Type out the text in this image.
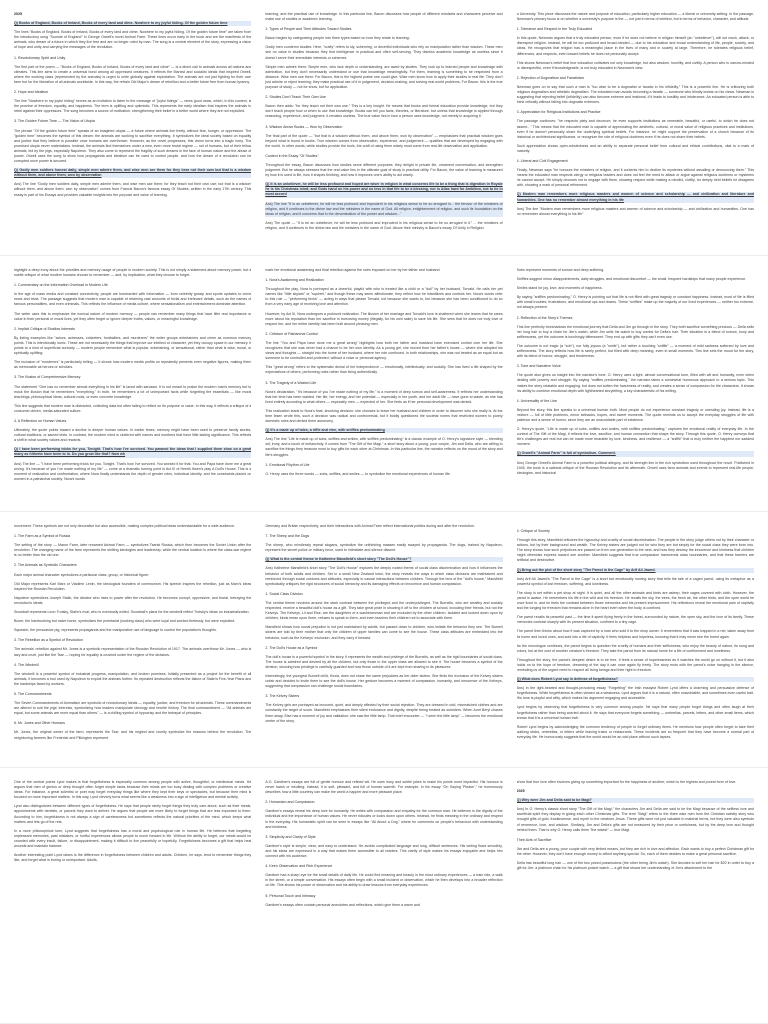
2025

Q) Books of England, Books of Ireland, Books of every land and dime. Nowhere to my joyful hiding. Of the golden future time

The lines "Books of England, Books of Ireland, Books of every land and clime, Nowhere to my joyful hiding, Of the golden future time" are taken from the introductory song "Sounds of England" in George Orwell's novel Animal Farm. These lines occur early in the book and are the manifesto of the animals, who dream of a future in which they live free and are no longer ruled by man. The song is a central element of the story, expressing a vision of hope and unity and carrying the messages of the revolution.

1. Revolutionary Spirit and Unity

The first part of the poem — "Books of England, Books of Ireland, Books of every land and clime" — is a direct call to animals across all nations and climates. This line aims to create a universal bond among all oppressed creatures. It reflects the Marxist and socialist ideals that inspired Orwell, where the working class (represented by the animals) is urged to unite globally against exploitation. The animals are not just fighting for their own farm but for the liberation of all animals worldwide. In this way, the refrain Old Major's dream of rebellion and a better future free from human tyranny.

2. Hope and Idealism

The line "Nowhere to my joyful hiding" serves as an invitation to listen to the message of "joyful tidings" — news good news, which, in this context, is the promise of freedom, equality, and happiness. The term is uplifting and optimistic. This represents the early idealism that inspires the animals to rebel against their oppressors. The song becomes a source of motivation, strengthening their belief in a better world where they are not exploited.

3. The Golden Future Time — The Vision of Utopia

The phrase "Of the golden future time" speaks of an imagined utopia — a future where animals live freely, without fear, hunger, or oppression. The "golden time" becomes the symbol of this dream: the animals are working to sacrifice everything. It symbolizes the ideal society based on equality and justice that they believe is possible once humans are overthrown. However, as the novel progresses, this vision turns into a tragic irony. The promised utopia never materializes. Instead, the animals find themselves under a new, even more brutal regime — not of humans, but of their fellow animals, led by the pigs, especially Napoleon. They also come to represent the fragility of such dreams in the face of human nature and the abuse of power. Orwell uses the song to show how propaganda and idealism can be used to control people, and how the dream of a revolution can be corrupted once power is secured.

Q) Godly men soldiers honest daily, simple men admire them, and wise men are them for they bear not their own but that is a wisdom without them, and above them, won by observation

Ans) The line "Godly men soldiers daily, simple men admire them, and wise men use them; for they teach not their own use; but that is a wisdom without them, and above them, won by observation" comes from Francis Bacon's famous essay Of Studies, written in the early 17th century. This essay is part of his Essays and provides valuable insights into the purpose and value of learning.

learning, and the practical use of knowledge. In this particular line, Bacon discusses how people of different mindsets and characters perceive and make use of studies or academic learning.

1. Types of People and Their Attitudes Toward Studies

Bacon begins by categorizing people into three types based on how they relate to learning:

Godly men condemn studies: Here, "crafty" refers to sly, scheming, or deceitful individuals who rely on manipulation rather than wisdom. These men see no value in studies because they find intelligence in practical and often self-serving. They dismiss academic knowledge as useless since it doesn't serve their immediate interests or schemes.

Simple men admire them: Simple men, who lack depth or understanding, are awed by studies. They look up to learned people and knowledge with admiration, but they don't necessarily understand or use that knowledge meaningfully. For them, learning is something to be respected from a distance. Wise men use them: For Bacon, this is the highest praise one could give. Wise men know how to apply their studies in real life. They don't just admire or reject learning; they make practical use of it in judgement, decision-making, and solving real-world problems. For Bacon, this is the true purpose of study — not for show, but for application.

2. Studies Don't Teach Their Own Use

Bacon then adds: "for they teach not their own use." This is a key insight. He means that books and formal education provide knowledge, but they don't teach people how or when to use that knowledge. Books can tell you facts, theories, or literature, but unless that knowledge is applied through reasoning, experience, and judgment, it remains useless. The true value lies in how a person uses knowledge, not merely in acquiring it.

3. Wisdom Above Books — Won by Observation

The final part of the quote — "but that is a wisdom without them, and above them, won by observation" — emphasizes that practical wisdom goes beyond what is found in books. True wisdom comes from observation, experience, and judgement — qualities that are developed by engaging with the world. In other words, while studies provide the tools, the craft of using them wisely must come from real-life observation and application.

Context in the Essay "Of Studies"

Throughout the essay, Bacon discusses how studies serve different purposes: they delight in private life, ornament conversation, and strengthen judgment. But he always stresses that the real value lies in the ultimate goal of study is practical utility. For Bacon, the value of learning is measured by how it is used in life, how it shapes thinking, and how it improves one's ability to act wisely.

Q) It is an unbeliever, he will be less profound and hoped are wiser in religion in what concerns life to be a thing that is digestion in Royale he is his Christmas mind; and Gods hand on his power and no less in that life to be a blessing, nor is Atlas hard for Ambition, not to he in most accord

Ans) The line "It is an unbeliever, he will be less profound and imprudent in his religious sense to be so arrogant in... the fervour of the ministers of religion, and it continues to the divine law and the ministers in the name of God. All religion, enlightenment of religion, and such its foundation on the ideas of religion, and it concerns that in the denomination of the power and wisdom..."

Ans) The quote — "It is be an unbeliever, he will be less profound and imprudent in his religious sense to be so arrogant in it." ... the ministers of religion, and it continues to the divine law and the ministers in the name of God. Above their ministry is Bacon's essay Of Unity in Religion.

a University. This piece discusses the nature and purpose of education, particularly higher education — a liberal or university setting. In the passage, Newman's primary focus is on whether a university's purpose is the — not just in terms of intellect, but in terms of behavior, character, and attitude.

1. Tolerance and Respect in the Truly Educated

In this quote, Newman argues that a truly educated person, even if he does not believe in religion himself (an "unbeliever"), will not mock, attack, or disrespect religion. Instead, he will be too profound and broad-minded — due to his education and broad understanding of life, people, society, and ideas. He recognizes that religion has a meaningful place in the lives of many and in society at large. Therefore, he tolerates religious belief, differences, and respects, even toward beliefs he does not personally accept.

This shows Newman's belief that true education cultivates not only knowledge, but also wisdom, humility, and civility. A person who is narrow-minded or disrespectful, even if knowledgeable, is not truly educated in Newman's view.

2. Rejection of Dogmatism and Fanaticism

Newman goes on to say that such a man is "too wise to be a dogmatist or fanatic in his infidelity." This is a powerful line. He is criticizing both religious dogmatism and atheistic dogmatism. The educated man avoids becoming a fanatic — someone who blindly insists on his views. Newman is suggesting that rejecting belief (infidelity) can also become extreme and irrational, if it leads to hostility and intolerance. An educated person is able to think critically without falling into dogmatic extremes.

3. Appreciation for Religious Institutions and Practice

The passage continues: "he respects piety and decorum; he even supports institutions as venerable, beautiful, or useful, to which he does not assent..." This means that the educated man is capable of appreciating the aesthetic, cultural, or moral value of religious practices and institutions, even if he doesn't personally share the underlying spiritual beliefs. For instance, he might support the preservation of a church because of its historical or architectural significance, or recognize the role of religious doctrines even if he does not share their beliefs.

Such appreciation shows open-mindedness and an ability to separate personal belief from cultural and ethical contributions, vital to a mark of maturity.

4. Liberal and Civil Engagement

Finally, Newman says "he honours the ministers of religion, and it contents him to decline its mysteries without assailing or denouncing them." This means the educated man respects clergy or religious leaders and does not feel the need to attack or argue against religious doctrines or mysteries he cannot accept. He simply chooses not to engage with them, showing respect while making a mindful, civility, for deeply held beliefs he disagrees with, showing a mark of personal refinement.

Q) Modern man remembers more religious masters and women of science and scholarship — and civilization and literature and humanities. One has no remember almost everything in his life

Ans) The line "Modern man remembers more religious masters and women of science and scholarship — and civilization and humanities. One has no remember almost everything in his life"

highlight a deep irony about the priorities and memory usage of people in modern society. This is not simply a statement about memory power, but a subtle critique of what modern humans choose to remember — and, by implication, what they choose to forget.

1. Commentary on the Information Overload in Modern Life

In the age of mass media and constant connectivity, people are bombarded with information — from celebrity gossip and sports updates to crime news and trivia. The passage suggests that modern man is capable of retaining vast amounts of trivial and irrelevant details, such as the names of famous personalities, and even criminals. This reflects the influence of media culture, where sensationalism and entertainment dominate attention.

The writer uses this to emphasize the ironical nature of modern memory — people can remember many things that have little real importance or value in their personal or moral lives, yet they often forget or ignore deeper truths, values, or meaningful knowledge.

2. Implicit Critique of Shallow Interests

By listing examples like "actors, actresses, cricketers, footballers, and murderers" the writer groups entertainers and crime as common memory points. This is intentionally ironic. These are not necessarily the things that improve our intellect or character, yet they occupy space in our memory. It points to a kind of superficial curiosity — modern people remember what is popular, entertaining, or sensational, rather than what is wise, moral, or spiritually uplifting.

The inclusion of "murderers" is particularly telling — it shows how modern media profits on repeatedly presents even negative figures, making them as memorable as heroes or scholars.

3. The Illusion of Comprehensive Memory

The statement "One has no remember almost everything in his life" is laced with sarcasm. It is not meant to praise the modern man's memory but to mock the illusion that he remembers "everything." In truth, he remembers a lot of unimportant facts while forgetting the essentials — like moral teachings, philosophical ideas, cultural roots, or even concrete knowledge.

This line suggests that modern man is distracted, collecting data but often failing to reflect on its purpose or value. In this way, it reflects a critique of a consumer-driven, media-saturated culture.

4. A Reflection on Human Values

Ultimately, the quote points toward a decline in deeper human values. In earlier times, memory might have been used to preserve family stories, cultural traditions, or sacred texts. In contrast, the modern mind is cluttered with names and numbers that have little lasting significance. This reflects a shift in what society values and rewards.

Q) I have been performing tricks for you, Tonight. That's how I've survived. You pawned the ideas that I supplied them shoe on a great many as hitherto have been to in. Do you grow like that? Now wh

Ans) The line — "I have been performing tricks for you, Tonight. That's how I've survived. You worked it for that. You and Papa have done me a great wrong. It's because of you I've made nothing of my life" — come at a dramatic turning point in Act III of Henrik Ibsen's play A Doll's House. This is a moment of realization and confrontation, where Nora finally understands the depth of gender roles, individual identity, and the constraints placed on women in a patriarchal society. Nora's words

mark her emotional awakening and final rebellion against the roles imposed on her by her father and husband.

1. Nora's Awakening and Realization

Throughout the play, Nora is portrayed as a cheerful, playful wife who is treated like a child or a "doll" by her husband, Torvald. He calls her pet names like "little skylark" or "squirrel," and though these may seem affectionate, they reflect how he infantilizes and controls her. Nora's words refer to this role — "performing tricks" — acting in ways that please Torvald, not because she wants to, but because she has been conditioned to do so from a very early age of receiving love and attention.

However, by Act III, Nora undergoes a profound realization. The illusion of her marriage and Torvald's love is shattered when she learns that he cares more about his reputation than her sacrifice in borrowing money (illegally, for his own sake) to save his life. She sees that he does not truly love or respect her, and her entire identity has been built around pleasing men.

2. Criticism of Patriarchal Control

The line "You and Papa have done me a great wrong" highlights how both her father and husband have exercised control over her life. She recognizes that she was never had a chance to be her own identity. As a young girl, she moved from her father's house — where she adopted his views and thoughts — straight into the home of her husband, where her role continued. In both relationships, she was not treated as an equal but as someone to be controlled and protected, without a voice or personal agency.

This "great wrong" refers to the systematic denial of her independence — emotionally, intellectually, and socially. She has lived a life shaped by the expectations of others, performing roles rather than living authentically.

3. The Tragedy of a Wasted Life

Nora's declaration, "It's because of you I've made nothing of my life," is a moment of deep sorrow and self-awareness. It reflects her understanding that her time has been wasted. Her life, her energy, and her potential — especially in her youth, and her adult life — have gone to waste, as she has lived entirely according to what others — especially men — expected of her. She feels as if her personal development was denied.

This realization leads to Nora's final, shocking decision: she chooses to leave her husband and children in order to discover who she really is. At the time Ibsen wrote this, such a decision was radical and controversial, but it boldly questioned the societal norms that restricted women to purely domestic roles and denied them autonomy.

Q) It's a made up of tales, a riffle and vine, with sniffles predominating

Ans) The line "Life is made up of sobs, sniffles and smiles, with sniffles predominating" is a classic example of O. Henry's signature style — blending wit, irony, and a touch of melancholy. It comes from "The Gift of the Magi," a short story about a young, poor couple, Jim and Della, who are willing to sacrifice the things they treasure most to buy gifts for each other at Christmas. In this particular line, the narrator reflects on the mood of the story and life's struggles.

1. Emotional Rhythm of Life

O. Henry uses the three words — sobs, sniffles, and smiles — to symbolize the emotional experiences of human life:

Sobs represent moments of sorrow and deep suffering.

Sniffles suggest minor disappointments, daily struggles, and emotional discomfort — the small, frequent hardships that many people experience.

Smiles stand for joy, love, and moments of happiness.

By saying "sniffles predominating," O. Henry is pointing out that life is not filled with great tragedy or constant happiness. Instead, most of life is filled with small troubles, frustrations, and emotional ups and downs. These "sniffles" make up the majority of our lived experiences — neither too extreme, but always present.

2. Reflection of the Story's Themes

This line perfectly foreshadows the emotional journey that Della and Jim go through in the story. They both sacrifice something precious — Della sells her long hair to buy a chain for Jim's watch, while Jim sells his watch to buy combs for Della's hair. Their situation is a blend of sorrow, irony and selflessness, yet the outcome is touchingly bittersweet. They end up with gifts they can't even use.

The outcome is not tragic (a "sob"), nor fully joyous (a "smile"), but rather a touching "sniffle" — a moment of mild sadness softened by love and selflessness. The story reflects how life is rarely perfect, but filled with deep meaning, even in small moments. This line sets the mood for the story, with its blend of humor, struggle, and tenderness.

3. Tone and Narrative Voice

The quote also gives us insight into the narrator's tone. O. Henry uses a light, almost conversational tone, filled with wit and humanity, even when dealing with poverty and struggle. By saying "sniffles predominating," the narrator takes a somewhat humorous approach to a serious topic. This makes the story relatable and engaging, but does not soften the harshness of reality, and creates a sense of compassion for the characters. It shows his ability to combine emotional depth with lighthearted storytelling, a key characteristic of his writing.

4. Universality of the Line

Beyond the story, this line speaks to a universal human truth. Most people do not experience constant tragedy or unending joy. Instead, life is a mixture — full of little problems, minor setbacks, hopes, and sweet moments. The quote reminds us to accept the everyday struggles of life with patience and a sense of humor, since they are an unavoidable part of existence.

O. Henry's quote, "Life is made up of sobs, sniffles and smiles, with sniffles predominating," captures the emotional reality of everyday life. In the context of The Gift of the Magi, it reflects the love, sacrifice, and human connection that shape the story. Through this quote, O. Henry conveys that life's challenges are real but can be made more bearable by love, kindness, and resilience — a "sniffle" that is truly neither the happiest nor saddest moment.

Q) Orwell's "Animal Farm" is full of symbolism. Comment.

Ans) George Orwell's Animal Farm is a powerful political allegory, and its strength lies in the rich symbolism used throughout the novel. Published in 1945, the book is a satirical critique of the Russian Revolution and its aftermath. Orwell uses farm animals and events to represent real-life people, ideologies, and historical

movement. These symbols are not only decorative but also accessible, making complex political ideas understandable for a wide audience.

1. The Farm as a Symbol of Russia

The setting of the story — Manor Farm, later renamed Animal Farm — symbolizes Tsarist Russia, which then becomes the Soviet Union after the revolution. The changing name of the farm represents the shifting ideologies and leadership, while the central location is where the class-war regime is no better than the old one.

2. The Animals as Symbolic Characters

Each major animal character symbolizes a particular class, group, or historical figure:

Old Major represents Karl Marx or Vladimir Lenin, the ideological founders of communism. His speech inspires the rebellion, just as Marx's ideas inspired the Russian Revolution.

Napoleon symbolizes Joseph Stalin, the dictator who rises to power after the revolution. He becomes corrupt, oppressive, and brutal, betraying the revolution's ideals.

Snowball represents Leon Trotsky, Stalin's rival, who is eventually exiled. Snowball's plans for the windmill reflect Trotsky's ideas on industrialization.

Boxer, the hardworking but naive horse, symbolizes the proletariat (working class) who were loyal and worked tirelessly, but were exploited.

Squealer, the persuasive pig, represents propaganda and the manipulative use of language to control the population's thoughts.

3. The Rebellion as a Symbol of Revolution

The animals' rebellion against Mr. Jones is a symbolic representation of the Russian Revolution of 1917. The animals overthrow Mr. Jones — who is lazy and cruel, just like the Tsar — hoping for equality is crushed under the regime of the dictators.

4. The Windmill

The windmill is a powerful symbol of industrial progress, manipulation, and broken promises. Initially presented as a project for the benefit of all animals, it becomes a tool used by Napoleon to exploit the animals further. Its repeated destruction reflects the failure of Stalin's Five-Year Plans and the hardships faced by workers.

5. The Commandments

The Seven Commandments of Animalism are symbolic of revolutionary ideals — equality, justice, and freedom for all animals. These commandments are altered to suit the pigs' interests, symbolizing how leaders manipulate ideology and rewrite history. The final commandment — "All animals are equal, but some animals are more equal than others" — is a chilling symbol of hypocrisy and the betrayal of principles.

6. Mr. Jones and Other Humans

Mr. Jones, the original owner of the farm, represents the Tsar, and his neglect and cruelty symbolize the reasons behind the revolution. The neighboring farmers like Frederick and Pilkington represent

Germany and Britain respectively, and their interactions with Animal Farm reflect international politics during and after the revolution.

7. The Sheep and the Dogs

The sheep, who mindlessly repeat slogans, symbolize the unthinking masses easily swayed by propaganda. The dogs, trained by Napoleon, represent the secret police or military force, used to intimidate and silence dissent.

Q) What is the central theme in Katherine Mansfield's short story "The Doll's House"?

Ans) Katherine Mansfield's short story "The Doll's House" explores the deeply rooted theme of social class discrimination and how it influences the behavior of both adults and children. Set in a small New Zealand town, the story reveals the ways in which class divisions are maintained and reinforced through social customs and attitudes, especially in casual interactions between children. Through the lens of the "doll's house," Mansfield symbolically critiques the rigid structures of social hierarchy and its damaging effects on innocence and human compassion.

1. Social Class Division

The central theme revolves around the stark contrast between the privileged and the underprivileged. The Burnells, who are wealthy and socially respected, receive a beautiful doll's house as a gift. They take great pride in showing it off to the children at school, including their friends, but not the Kelveys. The Kelveys, Lil and Else, are the daughters of a washerwoman and are excluded by the other children. Isolated and looked down upon by children, kinds mean upon them, refuses to speak to them, and even teaches their children not to associate with them.

Mansfield shows how social prejudice is not just maintained by adults, but passed down to children, who imitate the behavior they see. The Burnell sisters are told by their mother that only the children of upper families can come to see the house. These class attitudes are embedded into the behavior, such as the Kelveys' exclusion, and they carry it forward.

2. The Doll's House as a Symbol

The doll's house is a powerful symbol in the story. It represents the wealth and privilege of the Burnells, as well as the rigid boundaries of social class. The house is admired and desired by all the children, but only those in the upper class are allowed to see it. The house becomes a symbol of the division, showing how privilege is carefully guarded and how those outside of it are kept from sharing in its pleasures.

Interestingly, the youngest Burnell child, Kezia, does not share the same prejudices as her older sisters. She finds the exclusion of the Kelvey sisters unfair and decides to invite them to see the doll's house. Her gesture becomes a moment of compassion, humanity, and innocence of the Kelveys, suggesting that compassion can challenge social boundaries.

3. The Kelvey Sisters

The Kelvey girls are portrayed as innocent, quiet, and deeply affected by their social rejection. They are dressed in odd, mismatched clothes and are constantly the target of scorn. Mansfield emphasizes their silent endurance and dignity, despite being treated as outsiders. When Aunt Beryl chases them away, Else has a moment of joy and validation: she saw the little lamp. That brief encounter — "I seen the little lamp" — becomes the emotional center of the story.

4. Critique of Society

Through this story, Mansfield criticizes the hypocrisy and cruelty of social discrimination. The people in the story judge others not by their character or actions, but by their background and wealth. The Kelvey sisters are judged not for who they are but simply for the social class they were born into. The story shows how such prejudices are passed on from one generation to the next, and how they destroy the innocence and kindness that children might otherwise express toward one another. Mansfield suggests that true compassion transcends class boundaries, and that these barriers are artificial and destructive.

Q) Bring out the plot of the short story "The Parrot in the Cage" by Arif Ali Jawed.

Ans) Arif Ali Jawed's "The Parrot in the Cage" is a short but emotionally moving story that tells the tale of a caged parrot, using its metaphor as a powerful symbol of lost freedom, suffering, and loneliness.

The story is set within a pet shop at night. It is quiet, and all the other animals and birds are asleep, their cages covered with cloth. However, the parrot is awake. He remembers his life in the wild and his freedom. He recalls the sky, the trees, the fresh air, the other birds, and the open world he once lived in, and he feels the contrast between those memories and his present imprisonment. His reflections reveal the emotional pain of captivity and the longing for freedom that remains alive in the heart even when the body is confined.

The parrot recalls its peaceful past — the time it spent flying freely in the forest, surrounded by nature, the open sky, and the love of its family. These memories contrast sharply with its present situation, confined to a tiny cage.

The parrot then thinks about how it was captured by a man who sold it to the shop owner. It remembers that it was trapped in a net, taken away from its home and loved ones, and sold into a life of captivity. It feels helpless and hopeless, knowing that it may never see the forest again.

As the monologue continues, the parrot begins to question the cruelty of humans and their selfishness, who enjoy the beauty of nature, its song and colors, but at the cost of another creature's freedom. They take the parrot from its natural home for a life of confinement and loneliness.

Throughout the story, the parrot's deepest desire is to be free. It feels a sense of hopelessness as it watches the world go on without it, but it also holds on to the hope of freedom, dreaming of the day it can once again fly freely. The story ends with the parrot's voice hanging in the silence, reminding us of the urgent need to respect all living beings and their right to freedom.

Q) What does Robert Lynd say in defense of forgetfulness?

Ans) In the light-hearted and thought-provoking essay "Forgetting" the Irish essayist Robert Lynd offers a charming and persuasive defense of forgetfulness. While forgetfulness is often viewed as a weakness, Lynd argues that it is a natural, often unavoidable, and sometimes even useful trait. His tone is playful and witty, which makes his argument engaging and accessible.

Lynd begins by observing that forgetfulness is very common among people. He says that many people forget things and often laugh at their forgetfulness rather than being worried about it. He says that everyone forgets something — umbrellas, parcels, letters, and other small items, which shows that it is a universal human trait.

Robert Lynd begins by acknowledging the common tendency of people to forget ordinary items. He mentions how people often forget to take their walking sticks, umbrellas, or letters while leaving trains or restaurants. These incidents are so frequent that they have become a normal part of everyday life. He humorously suggests that the world would be an odd place without such lapses.

One of the central points Lynd makes is that forgetfulness is especially common among people with active, thoughtful, or intellectual minds. He argues that men of genius or deep thought often forget simple tasks because their minds are too busy dealing with complex problems or creative ideas. For instance, a great scientist or poet may forget everyday things like where they kept their keys or spectacles, but because their mind is focused on more important matters. In this way, Lynd cleverly turns what seems like a weakness into a sign of intelligence and mental activity.

Lynd also distinguishes between different types of forgetfulness. He says that people rarely forget things they truly care about, such as their meals, appointments with dentists, or parcels they want to deliver. He argues that people are more likely to forget things that are less important to them. According to him, forgetfulness is not always a sign of carelessness but sometimes reflects the natural priorities of the mind, which keeps what matters and lets go of the rest.

In a more philosophical tone, Lynd suggests that forgetfulness has a moral and psychological role in human life. He believes that forgetting unpleasant memories, past mistakes, or hurtful experiences allows people to move forward in life. Without the ability to forget, our minds would be crowded with every insult, failure, or disappointment, making it difficult to live peacefully or hopefully. Forgetfulness becomes a gift that helps heal wounds and maintain balance.

Another interesting point Lynd raises is the difference in forgetfulness between children and adults. Children, he says, tend to remember things they like, and forget what is boring or unimportant. Adults,

A.G. Gardiner's essays are full of gentle humour and refined wit. He uses irony and subtle jokes to make his points more impactful. His humour is never harsh or insulting; instead, it is soft, pleasant, and full of human warmth. For example, in his essay "On Saying 'Please'," he humorously describes how a little courtesy can make the world a happier and more pleasant place.

2. Humanism and Compassion

Gardiner's essays reveal his deep love for humanity. He writes with compassion and empathy for the common man. He believes in the dignity of the individual and the importance of human values. He never ridicules or looks down upon others. Instead, he finds meaning in the ordinary and respect in the everyday. His humanistic spirit can be seen in essays like "All About a Dog," where he comments on people's behaviour with understanding and kindness.

3. Simplicity and Clarity of Style

Gardiner's style is simple, clear, and easy to understand. He avoids complicated language and long, difficult sentences. His writing flows smoothly, and his ideas are expressed in a way that makes them accessible to all readers. This clarity of style makes his essays enjoyable and helps him connect with his audience.

4. Keen Observation and Rich Experience

Gardiner had a sharp eye for the small details of daily life. He could find meaning and beauty in the most ordinary experiences — a train ride, a walk in the street, or a simple conversation. His essays often begin with a small incident or observation, which he then develops into a broader reflection on life. This shows his power of observation and his ability to draw lessons from everyday experiences.

5. Personal Touch and Intimacy

Gardiner's essays often contain personal anecdotes and reflections, which give them a warm and

show that true love often involves giving up something important for the happiness of another, which is the highest and purest form of love.

2025

Q) Why were Jim and Della said to be Magi?

Ans) In O. Henry's classic short story "The Gift of the Magi," the characters Jim and Della are said to be the Magi because of the selfless love and sacrificial spirit they display in giving each other Christmas gifts. The term "Magi" refers to the three wise men from the Christian nativity story who brought gifts of gold, frankincense, and myrrh to the newborn Jesus. These gifts were not just valuable in material terms, but they were also symbols of reverence, love, and wisdom. Similarly, Jim and Della's gifts are not measured by their price or usefulness, but by the deep love and thought behind them. That is why O. Henry calls them "the wisest" — true Magi.

Their Acts of Sacrifice

Jim and Della are a young, poor couple with very limited means, but they are rich in love and affection. Each wants to buy a perfect Christmas gift for the other. However, they don't have enough money to afford anything special. So, each of them decides to make a great personal sacrifice.

Della has beautiful long hair — one of the two prized possessions (the other being Jim's watch). She decides to sell her hair for $20 in order to buy a gift for Jim: a platinum chain for his platinum pocket watch — a gift that shows her understanding of Jim's attachment to the
